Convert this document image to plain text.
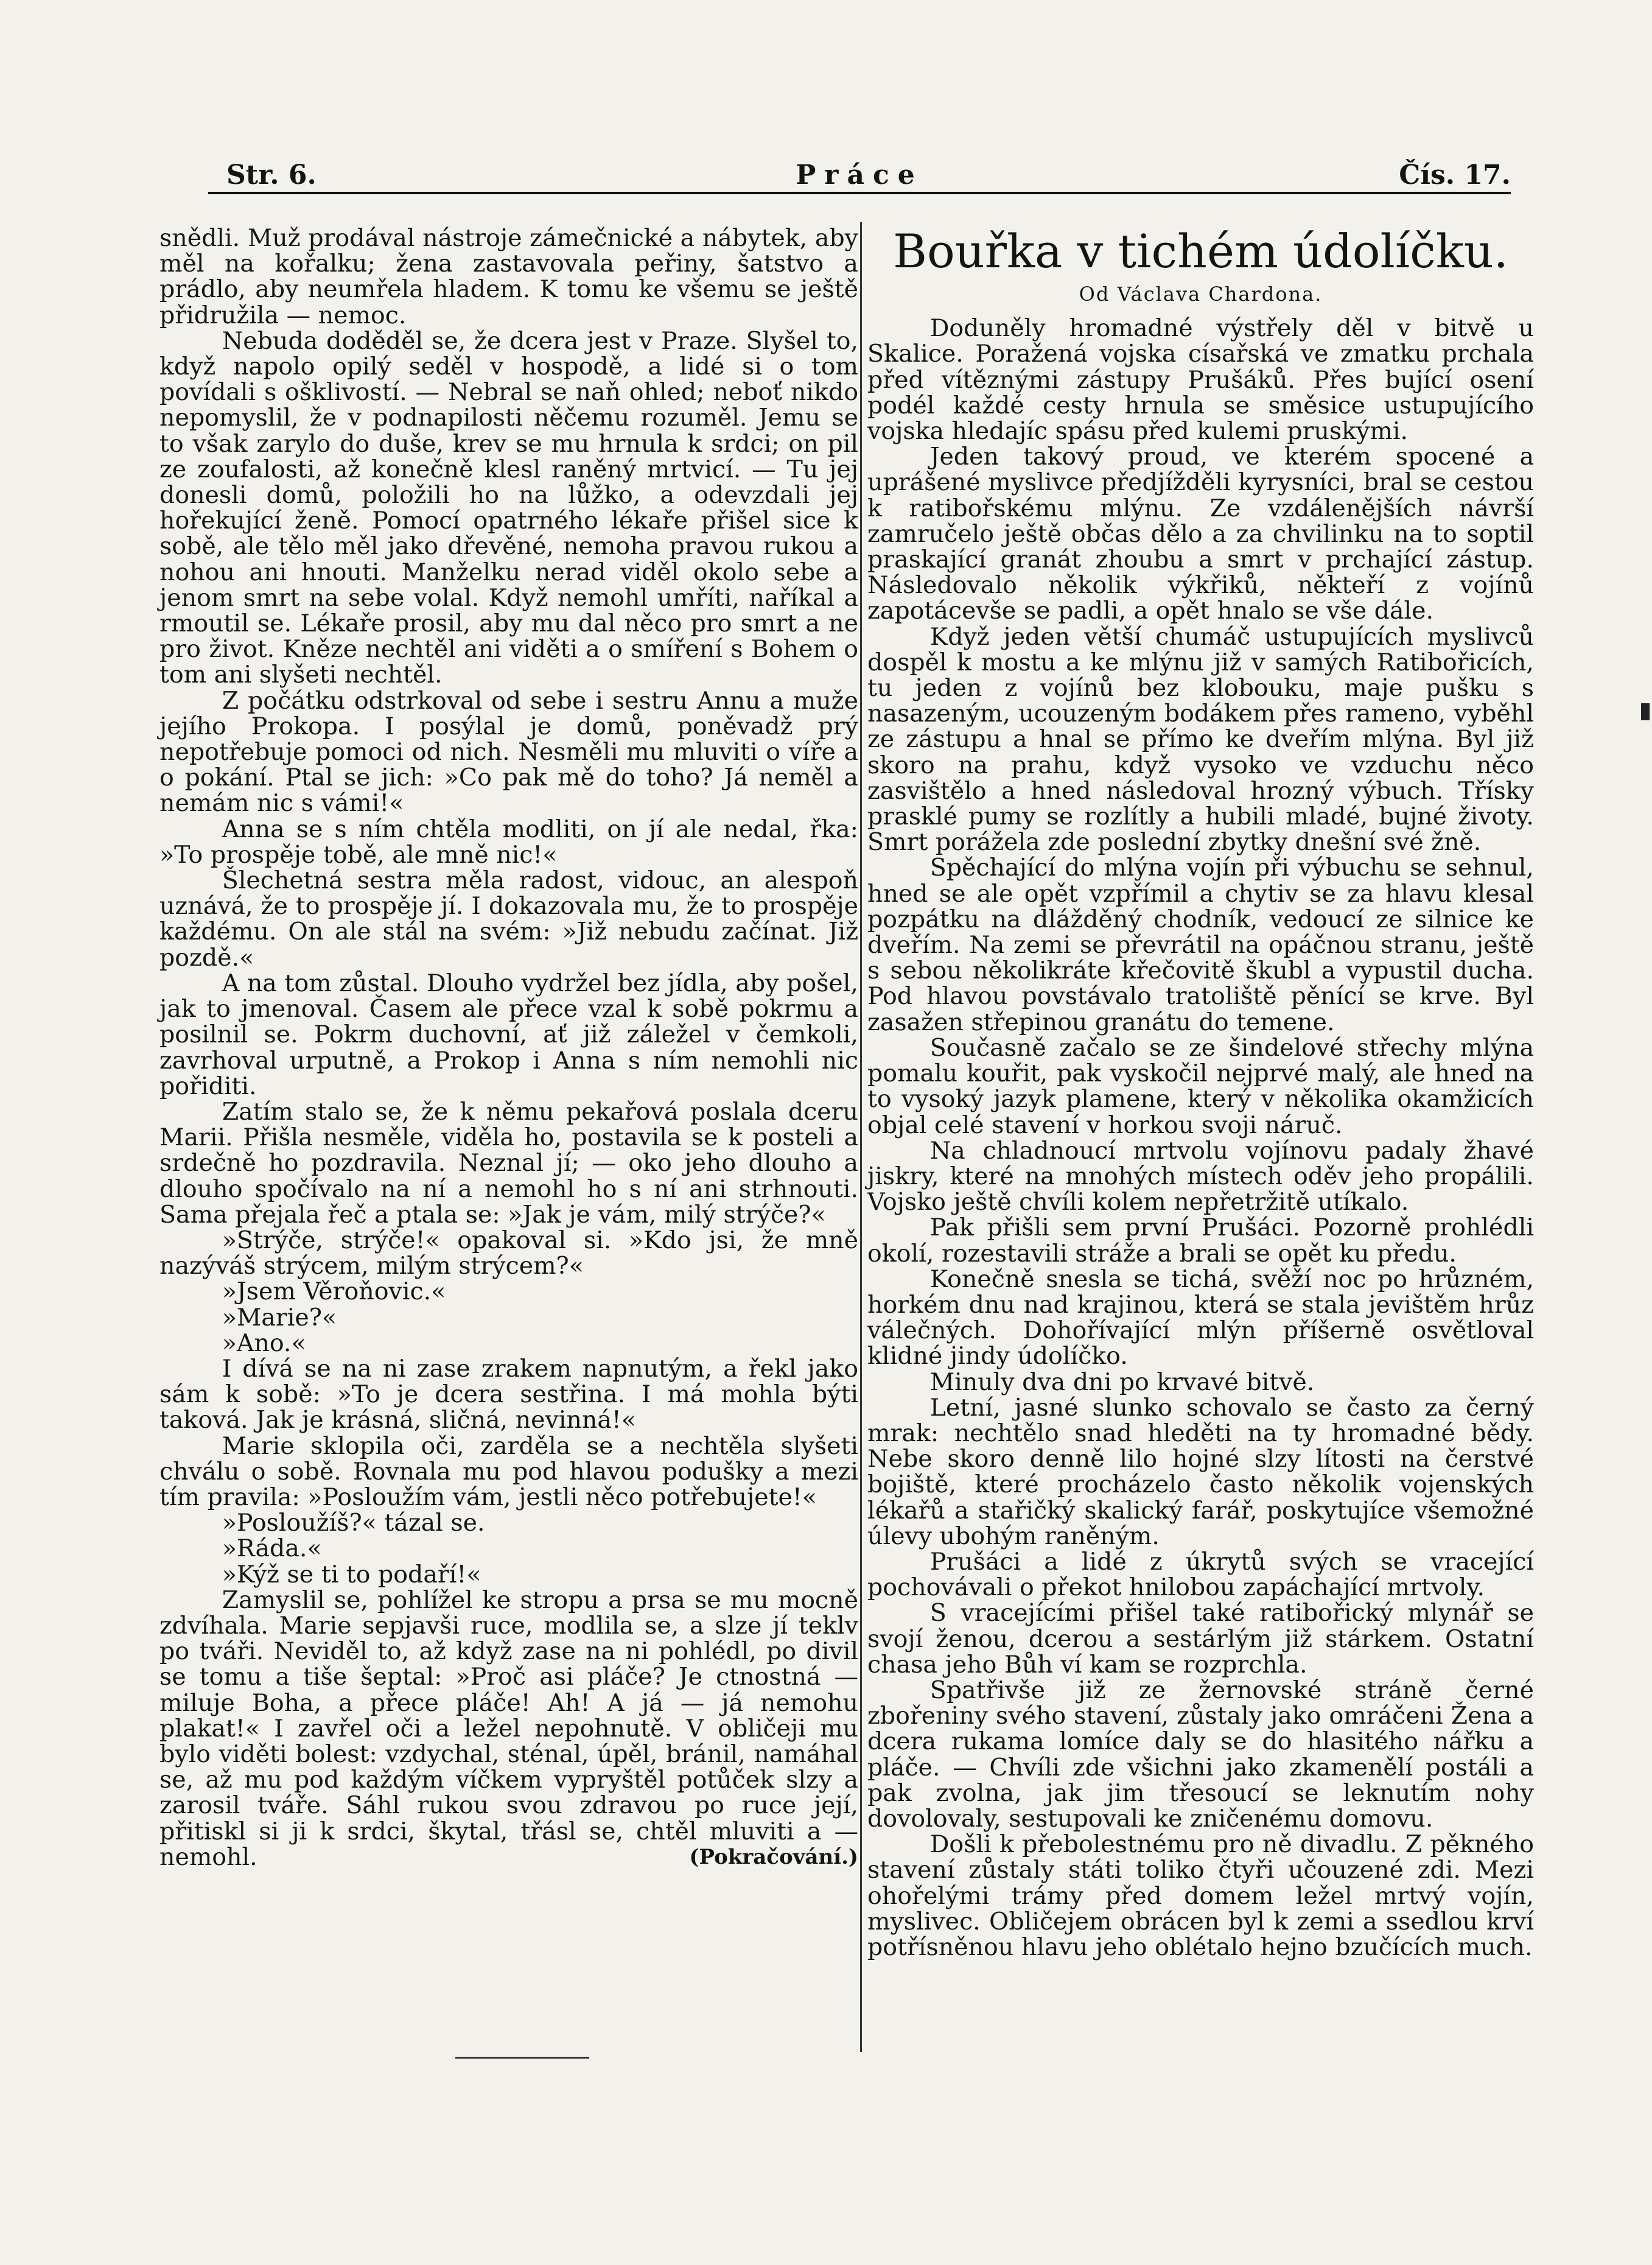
Str. 6.	Práce	Čís. 17.

snědli. Muž prodával nástroje zámečnické a nábytek, aby měl na kořalku; žena zastavovala peřiny, šatstvo a prádlo, aby neumřela hladem. K tomu ke všemu se ještě přidružila — nemoc.

Nebuda doděděl se, že dcera jest v Praze. Slyšel to, když napolo opilý seděl v hospodě, a lidé si o tom povídali s ošklivostí. — Nebral se naň ohled; neboť nikdo nepomyslil, že v podnapilosti něčemu rozuměl. Jemu se to však zarylo do duše, krev se mu hrnula k srdci; on pil ze zoufalosti, až konečně klesl raněný mrtvicí. — Tu jej donesli domů, položili ho na lůžko, a odevzdali jej hořekující ženě. Pomocí opatrného lékaře přišel sice k sobě, ale tělo měl jako dřevěné, nemoha pravou rukou a nohou ani hnouti. Manželku nerad viděl okolo sebe a jenom smrt na sebe volal. Když nemohl umříti, naříkal a rmoutil se. Lékaře prosil, aby mu dal něco pro smrt a ne pro život. Kněze nechtěl ani viděti a o smíření s Bohem o tom ani slyšeti nechtěl.

Z počátku odstrkoval od sebe i sestru Annu a muže jejího Prokopa. I posýlal je domů, poněvadž prý nepotřebuje pomoci od nich. Nesměli mu mluviti o víře a o pokání. Ptal se jich: »Co pak mě do toho? Já neměl a nemám nic s vámi!«

Anna se s ním chtěla modliti, on jí ale nedal, řka: »To prospěje tobě, ale mně nic!«

Šlechetná sestra měla radost, vidouc, an alespoň uznává, že to prospěje jí. I dokazovala mu, že to prospěje každému. On ale stál na svém: »Již nebudu začínat. Již pozdě.«

A na tom zůstal. Dlouho vydržel bez jídla, aby pošel, jak to jmenoval. Časem ale přece vzal k sobě pokrmu a posilnil se. Pokrm duchovní, ať již záležel v čemkoli, zavrhoval urputně, a Prokop i Anna s ním nemohli nic pořiditi.

Zatím stalo se, že k němu pekařová poslala dceru Marii. Přišla nesměle, viděla ho, postavila se k posteli a srdečně ho pozdravila. Neznal jí; — oko jeho dlouho a dlouho spočívalo na ní a nemohl ho s ní ani strhnouti. Sama přejala řeč a ptala se: »Jak je vám, milý strýče?«

»Strýče, strýče!« opakoval si. »Kdo jsi, že mně nazýváš strýcem, milým strýcem?«

»Jsem Věroňovic.«

»Marie?«

»Ano.«

I dívá se na ni zase zrakem napnutým, a řekl jako sám k sobě: »To je dcera sestřina. I má mohla býti taková. Jak je krásná, sličná, nevinná!«

Marie sklopila oči, zarděla se a nechtěla slyšeti chválu o sobě. Rovnala mu pod hlavou podušky a mezi tím pravila: »Posloužím vám, jestli něco potřebujete!«

»Posloužíš?« tázal se.

»Ráda.«

»Kýž se ti to podaří!«

Zamyslil se, pohlížel ke stropu a prsa se mu mocně zdvíhala. Marie sepjavši ruce, modlila se, a slze jí teklv po tváři. Neviděl to, až když zase na ni pohlédl, po divil se tomu a tiše šeptal: »Proč asi pláče? Je ctnostná — miluje Boha, a přece pláče! Ah! A já — já nemohu plakat!« I zavřel oči a ležel nepohnutě. V obličeji mu bylo viděti bolest: vzdychal, sténal, úpěl, bránil, namáhal se, až mu pod každým víčkem vypryštěl potůček slzy a zarosil tváře. Sáhl rukou svou zdravou po ruce její, přitiskl si ji k srdci, škytal, třásl se, chtěl mluviti a — nemohl.	(Pokračování.)
Bouřka v tichém údolíčku.
Od Václava Chardona.

Doduněly hromadné výstřely děl v bitvě u Skalice. Poražená vojska císařská ve zmatku prchala před vítěznými zástupy Prušáků. Přes bující osení podél každé cesty hrnula se směsice ustupujícího vojska hledajíc spásu před kulemi pruskými.

Jeden takový proud, ve kterém spocené a uprášené myslivce předjížděli kyrysníci, bral se cestou k ratibořskému mlýnu. Ze vzdálenějších návrší zamručelo ještě občas dělo a za chvilinku na to soptil praskající granát zhoubu a smrt v prchající zástup. Následovalo několik výkřiků, někteří z vojínů zapotácevše se padli, a opět hnalo se vše dále.

Když jeden větší chumáč ustupujících myslivců dospěl k mostu a ke mlýnu již v samých Ratibořicích, tu jeden z vojínů bez klobouku, maje pušku s nasazeným, ucouzeným bodákem přes rameno, vyběhl ze zástupu a hnal se přímo ke dveřím mlýna. Byl již skoro na prahu, když vysoko ve vzduchu něco zasvištělo a hned následoval hrozný výbuch. Třísky prasklé pumy se rozlítly a hubili mladé, bujné životy. Smrt porážela zde poslední zbytky dnešní své žně.

Spěchající do mlýna vojín při výbuchu se sehnul, hned se ale opět vzpřímil a chytiv se za hlavu klesal pozpátku na dlážděný chodník, vedoucí ze silnice ke dveřím. Na zemi se převrátil na opáčnou stranu, ještě s sebou několikráte křečovitě škubl a vypustil ducha. Pod hlavou povstávalo tratoliště pěnící se krve. Byl zasažen střepinou granátu do temene.

Současně začalo se ze šindelové střechy mlýna pomalu kouřit, pak vyskočil nejprvé malý, ale hned na to vysoký jazyk plamene, který v několika okamžicích objal celé stavení v horkou svoji náruč.

Na chladnoucí mrtvolu vojínovu padaly žhavé jiskry, které na mnohých místech oděv jeho propálili. Vojsko ještě chvíli kolem nepřetržitě utíkalo.

Pak přišli sem první Prušáci. Pozorně prohlédli okolí, rozestavili stráže a brali se opět ku předu.

Konečně snesla se tichá, svěží noc po hrůzném, horkém dnu nad krajinou, která se stala jevištěm hrůz válečných. Dohořívající mlýn příšerně osvětloval klidné jindy údolíčko.

Minuly dva dni po krvavé bitvě.

Letní, jasné slunko schovalo se často za černý mrak: nechtělo snad hleděti na ty hromadné bědy. Nebe skoro denně lilo hojné slzy lítosti na čerstvé bojiště, které procházelo často několik vojenských lékařů a stařičký skalický farář, poskytujíce všemožné úlevy ubohým raněným.

Prušáci a lidé z úkrytů svých se vracející pochovávali o překot hnilobou zapáchající mrtvoly.

S vracejícími přišel také ratibořický mlynář se svojí ženou, dcerou a sestárlým již stárkem. Ostatní chasa jeho Bůh ví kam se rozprchla.

Spatřivše již ze žernovské stráně černé zbořeniny svého stavení, zůstaly jako omráčeni Žena a dcera rukama lomíce daly se do hlasitého nářku a pláče. — Chvíli zde všichni jako zkamenělí postáli a pak zvolna, jak jim třesoucí se leknutím nohy dovolovaly, sestupovali ke zničenému domovu.

Došli k přebolestnému pro ně divadlu. Z pěkného stavení zůstaly státi toliko čtyři učouzené zdi. Mezi ohořelými trámy před domem ležel mrtvý vojín, myslivec. Obličejem obrácen byl k zemi a ssedlou krví potřísněnou hlavu jeho oblétalo hejno bzučících much.
